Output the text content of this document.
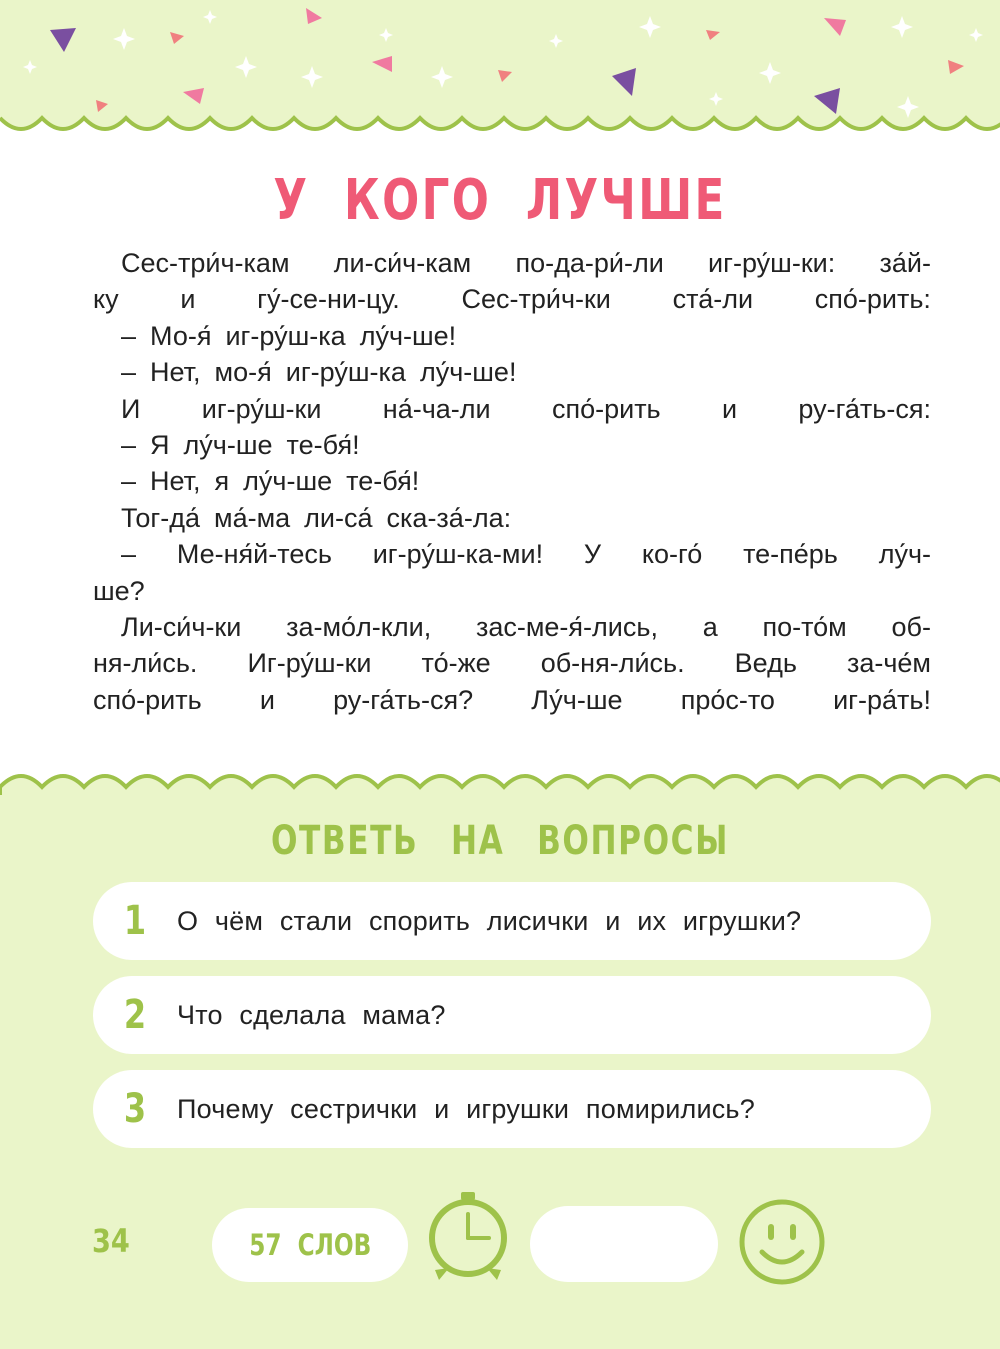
У КОГО ЛУЧШЕ
Сес-три́ч-кам ли-си́ч-кам по-да-ри́-ли иг-ру́ш-ки: за́й-
ку и гу́-се-ни-цу. Сес-три́ч-ки ста́-ли спо́-рить:
– Мо-я́ иг-ру́ш-ка лу́ч-ше!
– Нет, мо-я́ иг-ру́ш-ка лу́ч-ше!
И иг-ру́ш-ки на́-ча-ли спо́-рить и ру-га́ть-ся:
– Я лу́ч-ше те-бя́!
– Нет, я лу́ч-ше те-бя́!
Тог-да́ ма́-ма ли-са́ ска-за́-ла:
– Ме-ня́й-тесь иг-ру́ш-ка-ми! У ко-го́ те-пе́рь лу́ч-
ше?
Ли-си́ч-ки за-мо́л-кли, зас-ме-я́-лись, а по-то́м об-
ня-ли́сь. Иг-ру́ш-ки то́-же об-ня-ли́сь. Ведь за-че́м
спо́-рить и ру-га́ть-ся? Лу́ч-ше про́с-то иг-ра́ть!
ОТВЕТЬ НА ВОПРОСЫ
1	О чём стали спорить лисички и их игрушки?
2	Что сделала мама?
3	Почему сестрички и игрушки помирились?
34	57 СЛОВ
